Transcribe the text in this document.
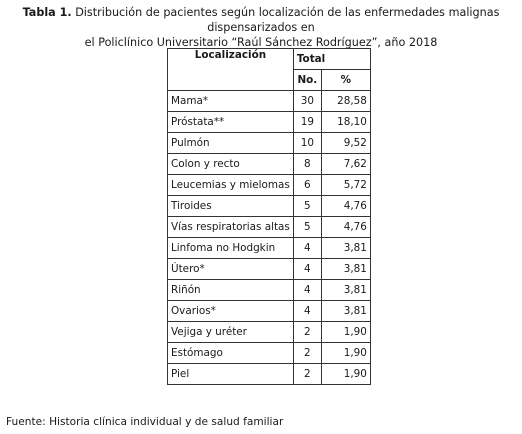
Tabla 1. Distribución de pacientes según localización de las enfermedades malignas dispensarizados en
el Policlínico Universitario “Raúl Sánchez Rodríguez”, año 2018
Localización	Total	
	No.	%
Mama*	30	28,58
Próstata**	19	18,10
Pulmón	10	9,52
Colon y recto	8	7,62
Leucemias y mielomas	6	5,72
Tiroides	5	4,76
Vías respiratorias altas	5	4,76
Linfoma no Hodgkin	4	3,81
Útero*	4	3,81
Riñón	4	3,81
Ovarios*	4	3,81
Vejiga y uréter	2	1,90
Estómago	2	1,90
Piel	2	1,90
Fuente: Historia clínica individual y de salud familiar
